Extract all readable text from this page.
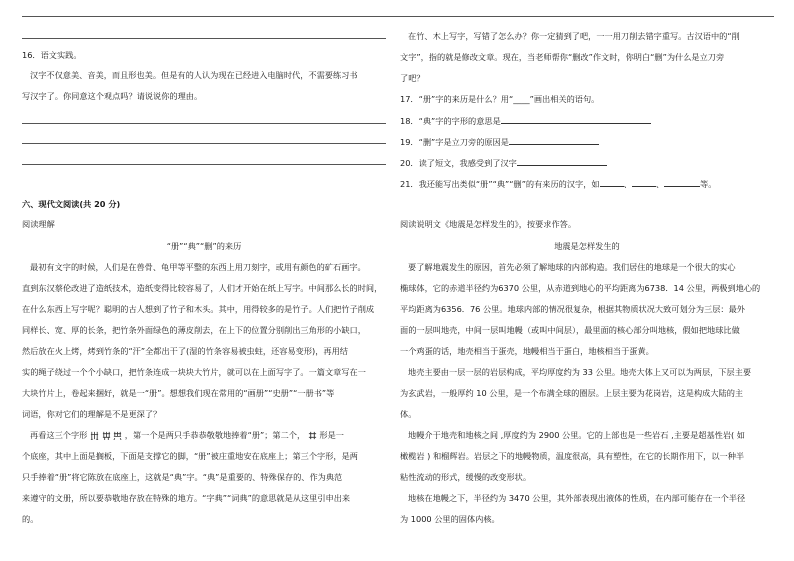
16．语文实践。
汉字不仅意美、音美，而且形也美。但是有的人认为现在已经进入电脑时代，不需要练习书
写汉字了。你同意这个观点吗？请说说你的理由。
六、现代文阅读(共 20 分)
阅读理解
“册”“典”“删”的来历
最初有文字的时候，人们是在兽骨、龟甲等平整的东西上用刀刻字，或用有颜色的矿石画字。
直到东汉蔡伦改进了造纸技术，造纸变得比较容易了，人们才开始在纸上写字。中间那么长的时间，
在什么东西上写字呢？聪明的古人想到了竹子和木头。其中，用得较多的是竹子。人们把竹子削成
同样长、宽、厚的长条，把竹条外面绿色的薄皮削去，在上下的位置分别削出三角形的小缺口，
然后放在火上烤，烤到竹条的“汗”全都出干了(湿的竹条容易被虫蛀，还容易变形)，再用结
实的绳子绕过一个个小缺口，把竹条连成一块块大竹片，就可以在上面写字了。一篇文章写在一
大块竹片上，卷起来捆好，就是一“册”。想想我们现在常用的“画册”“史册”“一册书”等
词语，你对它们的理解是不是更深了？
再看这三个字形	，第一个是两只手恭恭敬敬地捧着“册”；第二个， 形是一
个底座，其中上面是搁板，下面是支撑它的脚，“册”被庄重地安在底座上；第三个字形，是两
只手捧着“册”将它陈放在底座上，这就是“典”字。“典”是重要的、特殊保存的、作为典范
来遵守的文册，所以要恭敬地存放在特殊的地方。“字典”“词典”的意思就是从这里引申出来
的。
在竹、木上写字，写错了怎么办？你一定猜到了吧，一一用刀削去错字重写。古汉语中的“削
文字”，指的就是修改文章。现在，当老师帮你“删改”作文时，你明白“删”为什么是立刀旁
了吧？
17．“册”字的来历是什么？用“____”画出相关的语句。
18．“典”字的字形的意思是
19．“删”字是立刀旁的原因是
20．读了短文，我感受到了汉字
21．我还能写出类似“册”“典”“删”的有来历的汉字，如	、	、	等。
阅读说明文《地震是怎样发生的》，按要求作答。
地震是怎样发生的
要了解地震发生的原因，首先必须了解地球的内部构造。我们居住的地球是一个很大的实心
椭球体，它的赤道半径约为6370 公里，从赤道到地心的平均距离为6738．14 公里，两极到地心的
平均距离为6356．76 公里。地球内部的情况很复杂，根据其物质状况大致可划分为三层：最外
面的一层叫地壳，中间一层叫地幔（或叫中间层），最里面的核心部分叫地核，假如把地球比做
一个鸡蛋的话，地壳相当于蛋壳，地幔相当于蛋白，地核相当于蛋黄。
地壳主要由一层一层的岩层构成，平均厚度约为 33 公里。地壳大体上又可以为两层，下层主要
为玄武岩，一般厚约 10 公里，是一个布满全球的圈层。上层主要为花岗岩，这是构成大陆的主
体。
地幔介于地壳和地核之间 ,厚度约为 2900 公里。它的上部也是一些岩石 ,主要是超基性岩( 如
橄榄岩 ) 和榴辉岩。岩层之下的地幔物质，温度很高，具有塑性，在它的长期作用下，以一种半
粘性流动的形式，缓慢的改变形状。
地核在地幔之下，半径约为 3470 公里，其外部表现出液体的性质，在内部可能存在一个半径
为 1000 公里的固体内核。
